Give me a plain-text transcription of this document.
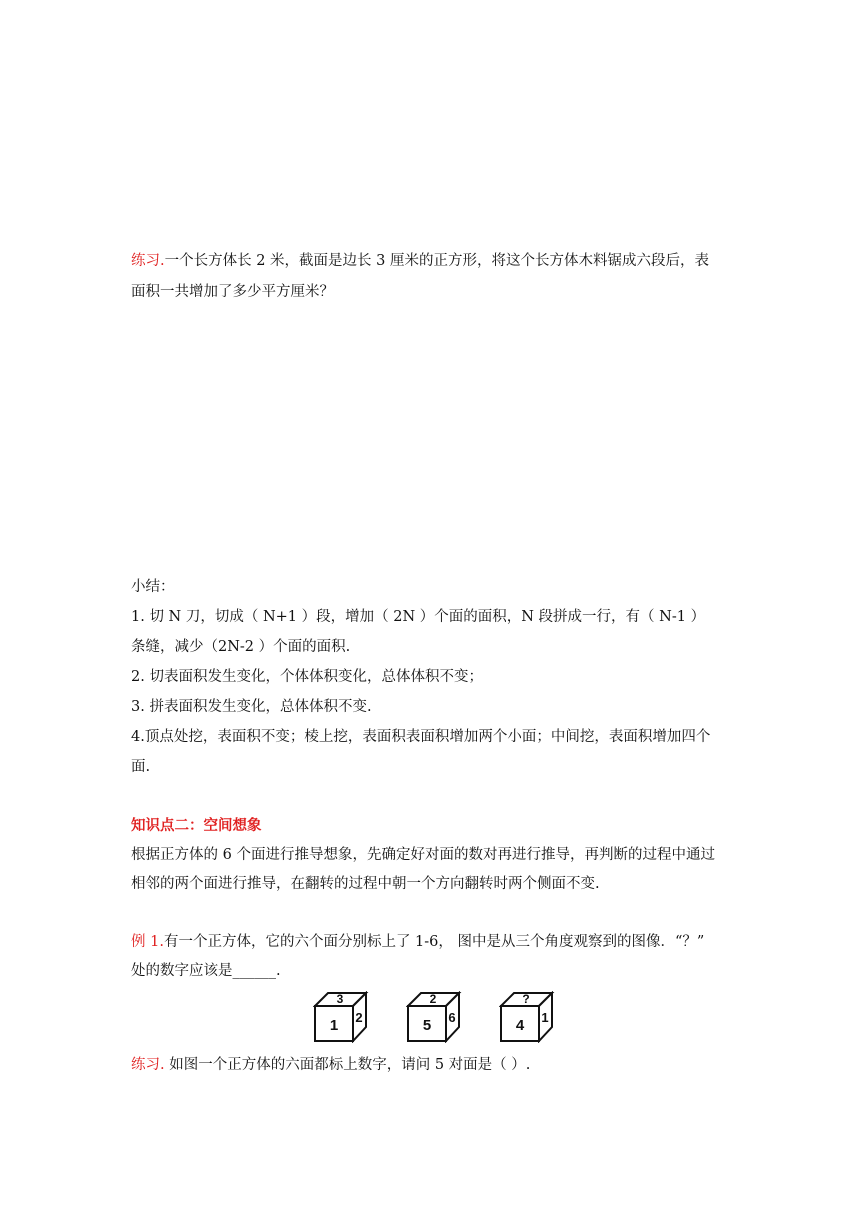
练习.一个长方体长 2 米，截面是边长 3 厘米的正方形，将这个长方体木料锯成六段后，表
面积一共增加了多少平方厘米？
小结：
1. 切 N 刀，切成（ N+1 ）段，增加（ 2N ）个面的面积，N 段拼成一行，有（ N-1 ）
条缝，减少（2N-2 ）个面的面积.
2. 切表面积发生变化，个体体积变化，总体体积不变；
3. 拼表面积发生变化，总体体积不变.
4.顶点处挖，表面积不变；棱上挖，表面积表面积增加两个小面；中间挖，表面积增加四个
面.
知识点二：空间想象
根据正方体的 6 个面进行推导想象，先确定好对面的数对再进行推导，再判断的过程中通过
相邻的两个面进行推导，在翻转的过程中朝一个方向翻转时两个侧面不变.
例 1.有一个正方体，它的六个面分别标上了 1-6， 图中是从三个角度观察到的图像．“？”
处的数字应该是______.
3
1 2
2
5 6
?
4 1
练习. 如图一个正方体的六面都标上数字，请问 5 对面是（ ）.
